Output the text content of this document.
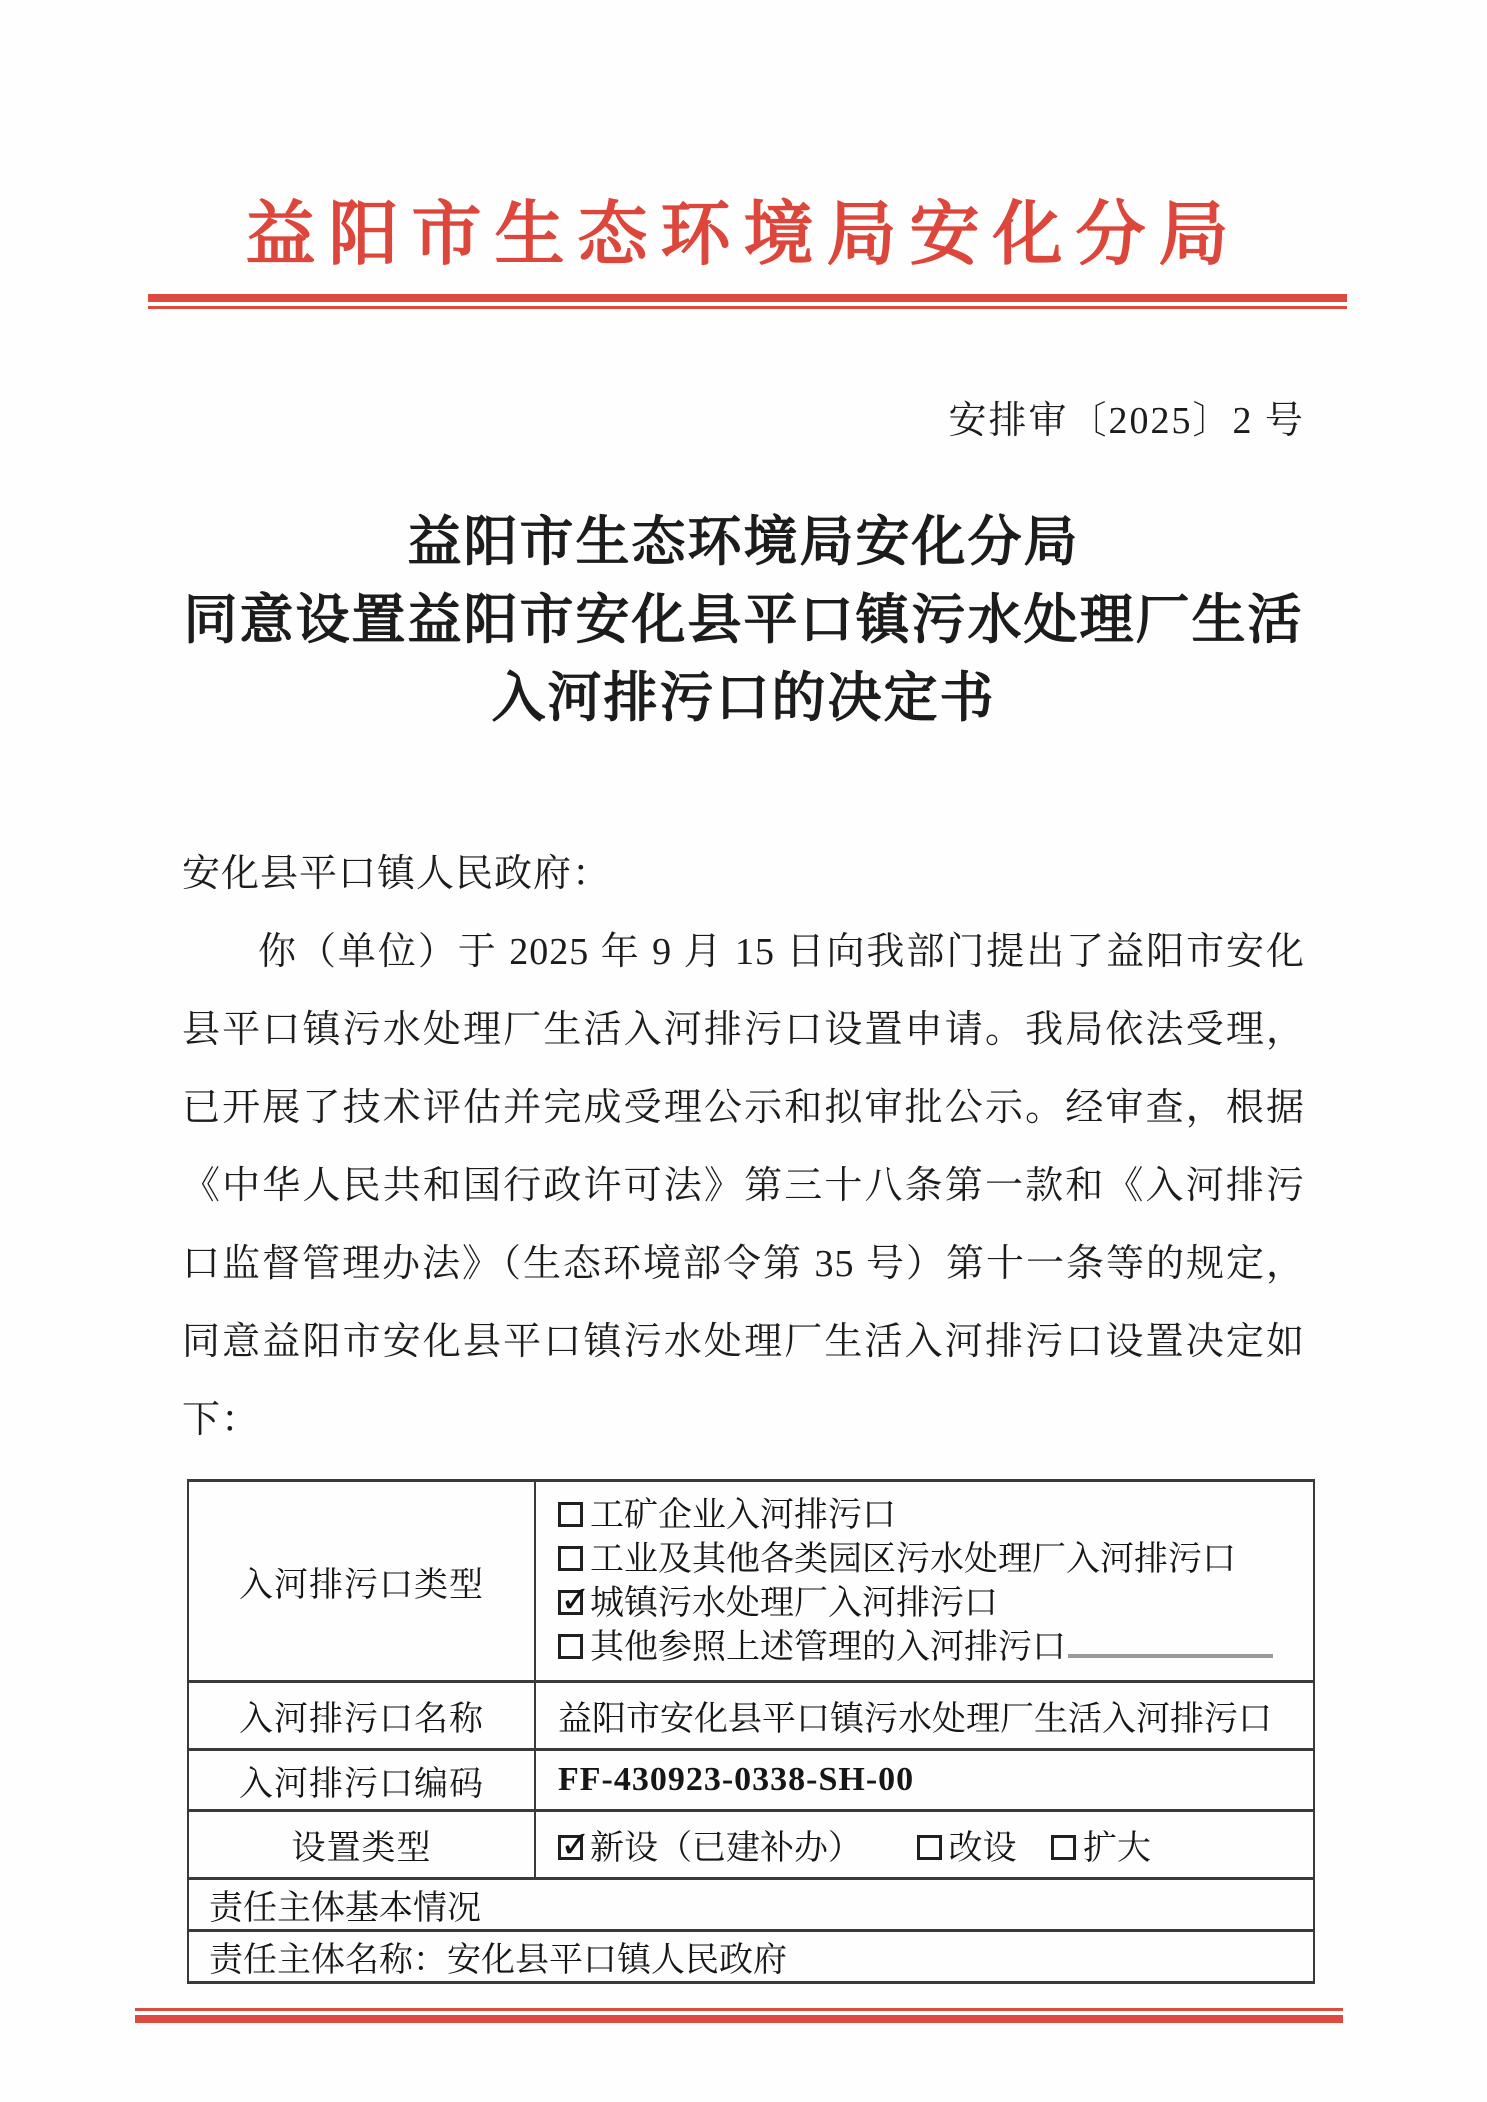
益阳市生态环境局安化分局
安排审〔2025〕2 号
益阳市生态环境局安化分局
同意设置益阳市安化县平口镇污水处理厂生活
入河排污口的决定书
安化县平口镇人民政府：
你（单位）于 2025 年 9 月 15 日向我部门提出了益阳市安化
县平口镇污水处理厂生活入河排污口设置申请。我局依法受理，
已开展了技术评估并完成受理公示和拟审批公示。经审查，根据
《中华人民共和国行政许可法》第三十八条第一款和《入河排污
口监督管理办法》（生态环境部令第 35 号）第十一条等的规定，
同意益阳市安化县平口镇污水处理厂生活入河排污口设置决定如
下：
入河排污口类型	工矿企业入河排污口
工业及其他各类园区污水处理厂入河排污口
✓城镇污水处理厂入河排污口
其他参照上述管理的入河排污口

入河排污口名称	益阳市安化县平口镇污水处理厂生活入河排污口
入河排污口编码	FF-430923-0338-SH-00
设置类型	✓新设（已建补办） 改设 扩大
责任主体基本情况	
责任主体名称：安化县平口镇人民政府	
